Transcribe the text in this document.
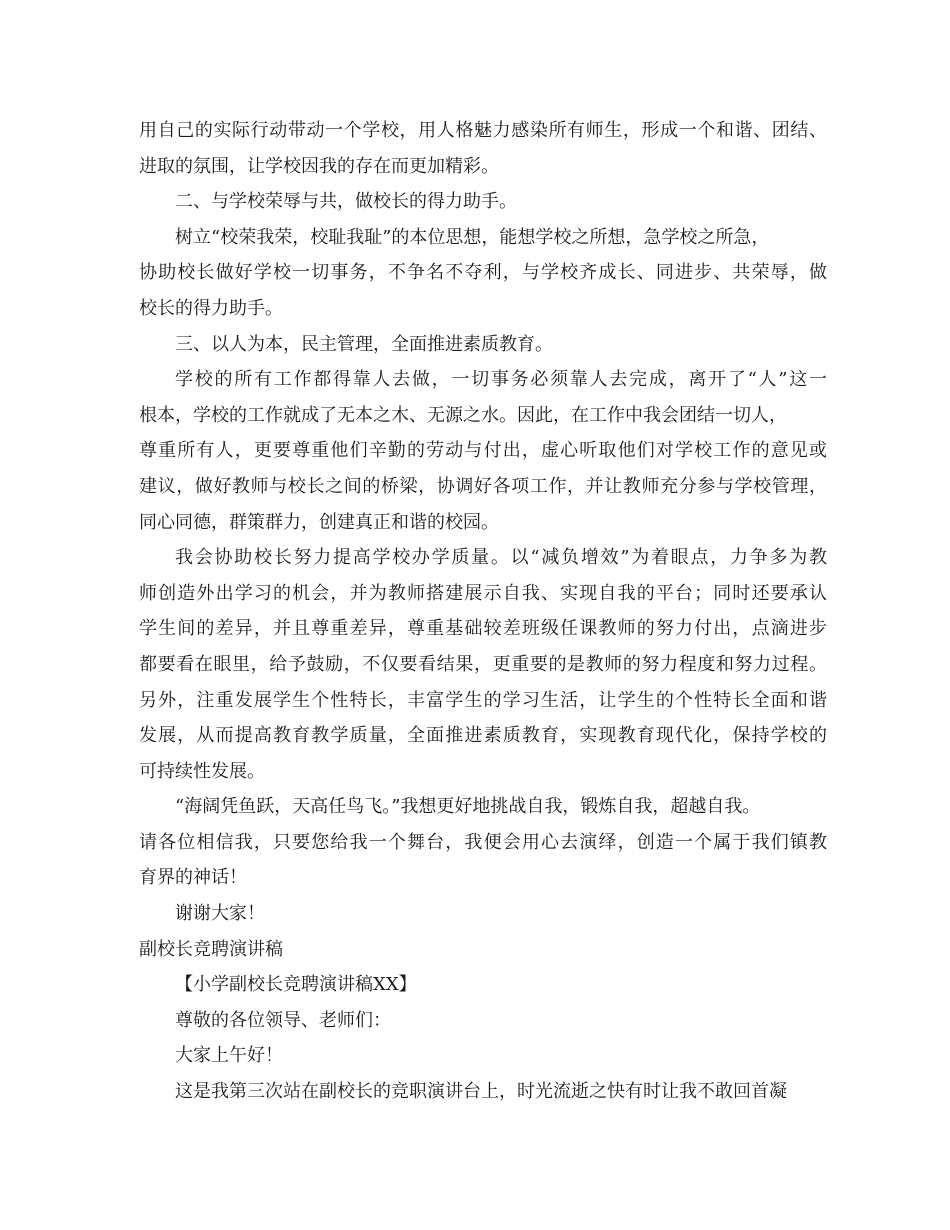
用自己的实际行动带动一个学校，用人格魅力感染所有师生，形成一个和谐、团结、
进取的氛围，让学校因我的存在而更加精彩。
二、与学校荣辱与共，做校长的得力助手。
树立“校荣我荣，校耻我耻”的本位思想，能想学校之所想，急学校之所急，
协助校长做好学校一切事务，不争名不夺利，与学校齐成长、同进步、共荣辱，做
校长的得力助手。
三、以人为本，民主管理，全面推进素质教育。
学校的所有工作都得靠人去做，一切事务必须靠人去完成，离开了“人”这一
根本，学校的工作就成了无本之木、无源之水。因此，在工作中我会团结一切人，
尊重所有人，更要尊重他们辛勤的劳动与付出，虚心听取他们对学校工作的意见或
建议，做好教师与校长之间的桥梁，协调好各项工作，并让教师充分参与学校管理，
同心同德，群策群力，创建真正和谐的校园。
我会协助校长努力提高学校办学质量。以“减负增效”为着眼点，力争多为教
师创造外出学习的机会，并为教师搭建展示自我、实现自我的平台；同时还要承认
学生间的差异，并且尊重差异，尊重基础较差班级任课教师的努力付出，点滴进步
都要看在眼里，给予鼓励，不仅要看结果，更重要的是教师的努力程度和努力过程。
另外，注重发展学生个性特长，丰富学生的学习生活，让学生的个性特长全面和谐
发展，从而提高教育教学质量，全面推进素质教育，实现教育现代化，保持学校的
可持续性发展。
“海阔凭鱼跃，天高任鸟飞。”我想更好地挑战自我，锻炼自我，超越自我。
请各位相信我，只要您给我一个舞台，我便会用心去演绎，创造一个属于我们镇教
育界的神话！
谢谢大家！
副校长竞聘演讲稿
【小学副校长竞聘演讲稿XX】
尊敬的各位领导、老师们：
大家上午好！
这是我第三次站在副校长的竞职演讲台上，时光流逝之快有时让我不敢回首凝
